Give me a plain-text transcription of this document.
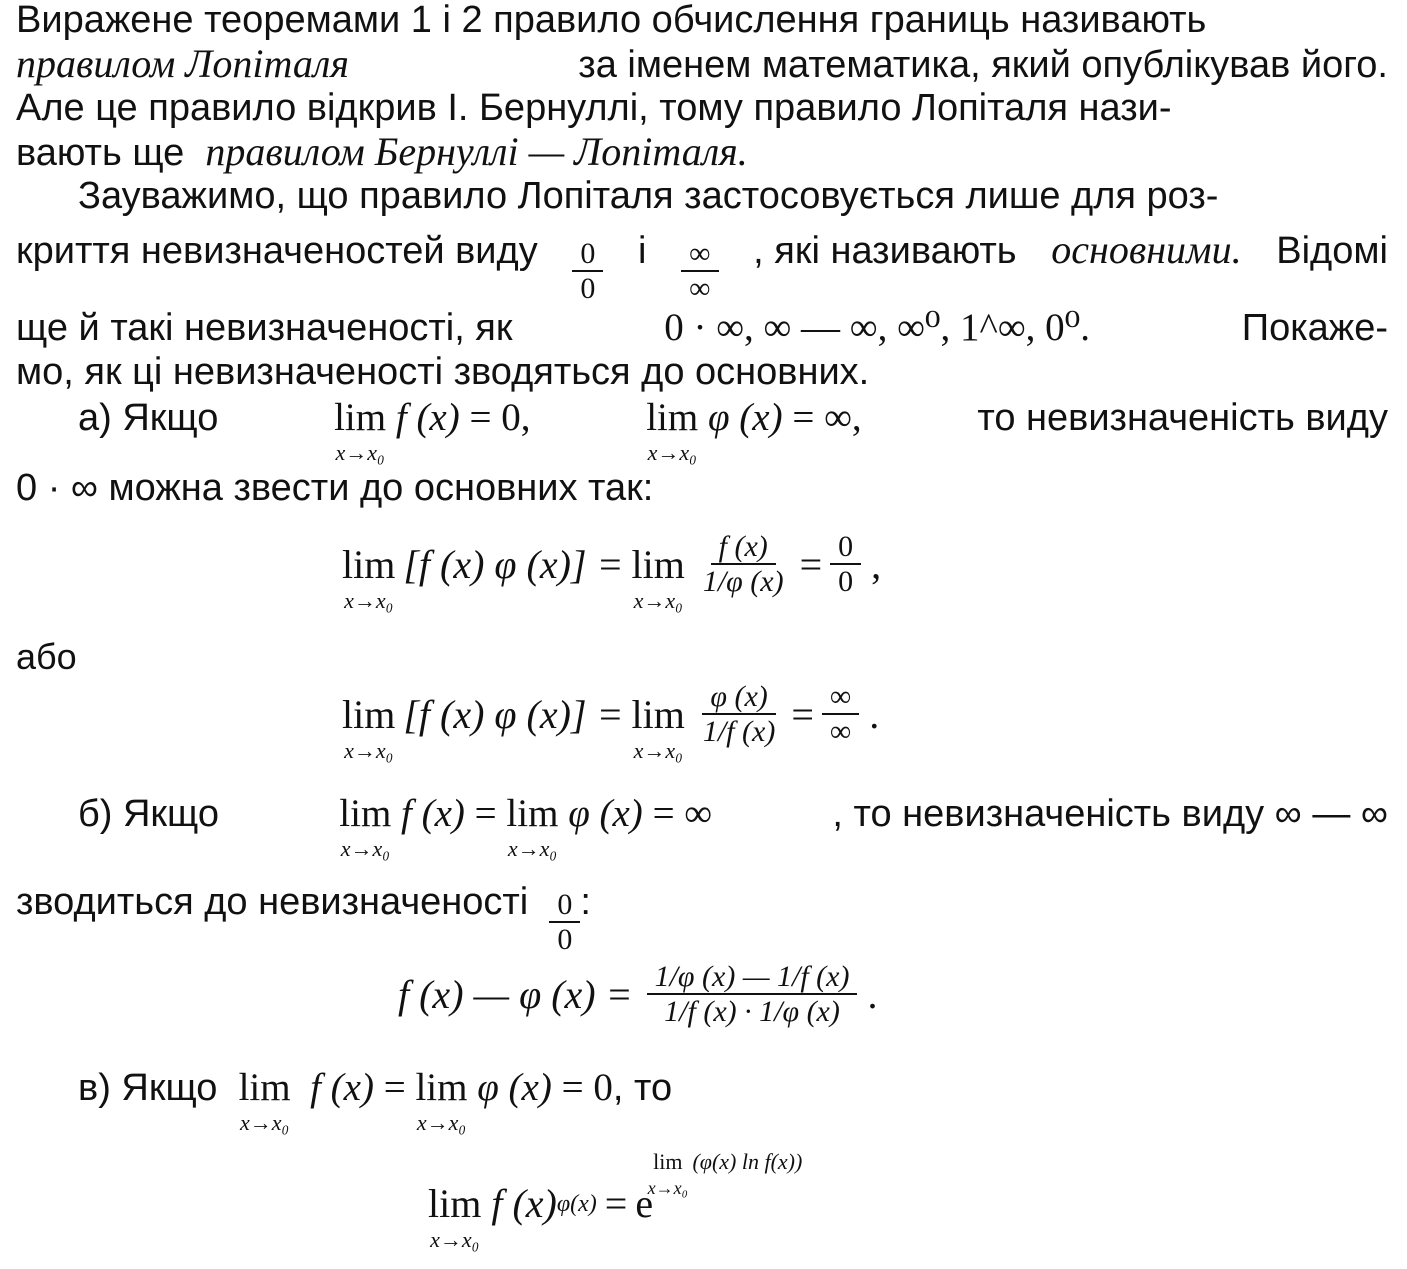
Виражене теоремами 1 і 2 правило обчислення границь називають
правилом Лопіталя	за іменем математика, який опублікував його.
Але це правило відкрив І. Бернуллі, тому правило Лопіталя нази-
вають ще
правилом Бернуллі — Лопіталя.
Зауважимо, що правило Лопіталя застосовується лише для роз-
криття невизначеностей виду $\frac{0}{0}$ і $\frac{\infty}{\infty}$ , які називають основними. Відомі
ще й такі невизначеності, як	0 · ∞, ∞ — ∞, ∞⁰, 1^∞, 0⁰.	Покаже-
мо, як ці невизначеності зводяться до основних.
а) Якщо	lim
x→x₀
f (x) = 0,	lim
x→x₀
φ (x) = ∞,	то невизначеність виду
0 · ∞ можна звести до основних так:
lim
x→x₀
[f (x) φ (x)] = lim
x→x₀
$\frac{f (x)}{1/\varphi (x)} = \frac{0}{0}$ ,
або
lim
x→x₀
[f (x) φ (x)] = lim
x→x₀
$\frac{\varphi (x)}{1/f (x)} = \frac{\infty}{\infty}$ .
б) Якщо	lim
x→x₀
f (x) = lim
x→x₀
φ (x) = ∞	, то невизначеність виду ∞ — ∞
зводиться до невизначеності
$\frac{0}{0}$ :
f (x) — φ $(x) = \frac{1/\varphi (x) — 1/f (x)}{1/f (x) \cdot 1/\varphi (x)}$ .
в) Якщо
lim
x→x₀
f (x) = lim
x→x₀
φ (x) = 0 , то
lim
x→x₀
f (x) φ(x) = e
lim
x→x₀
(φ(x) ln f(x))
